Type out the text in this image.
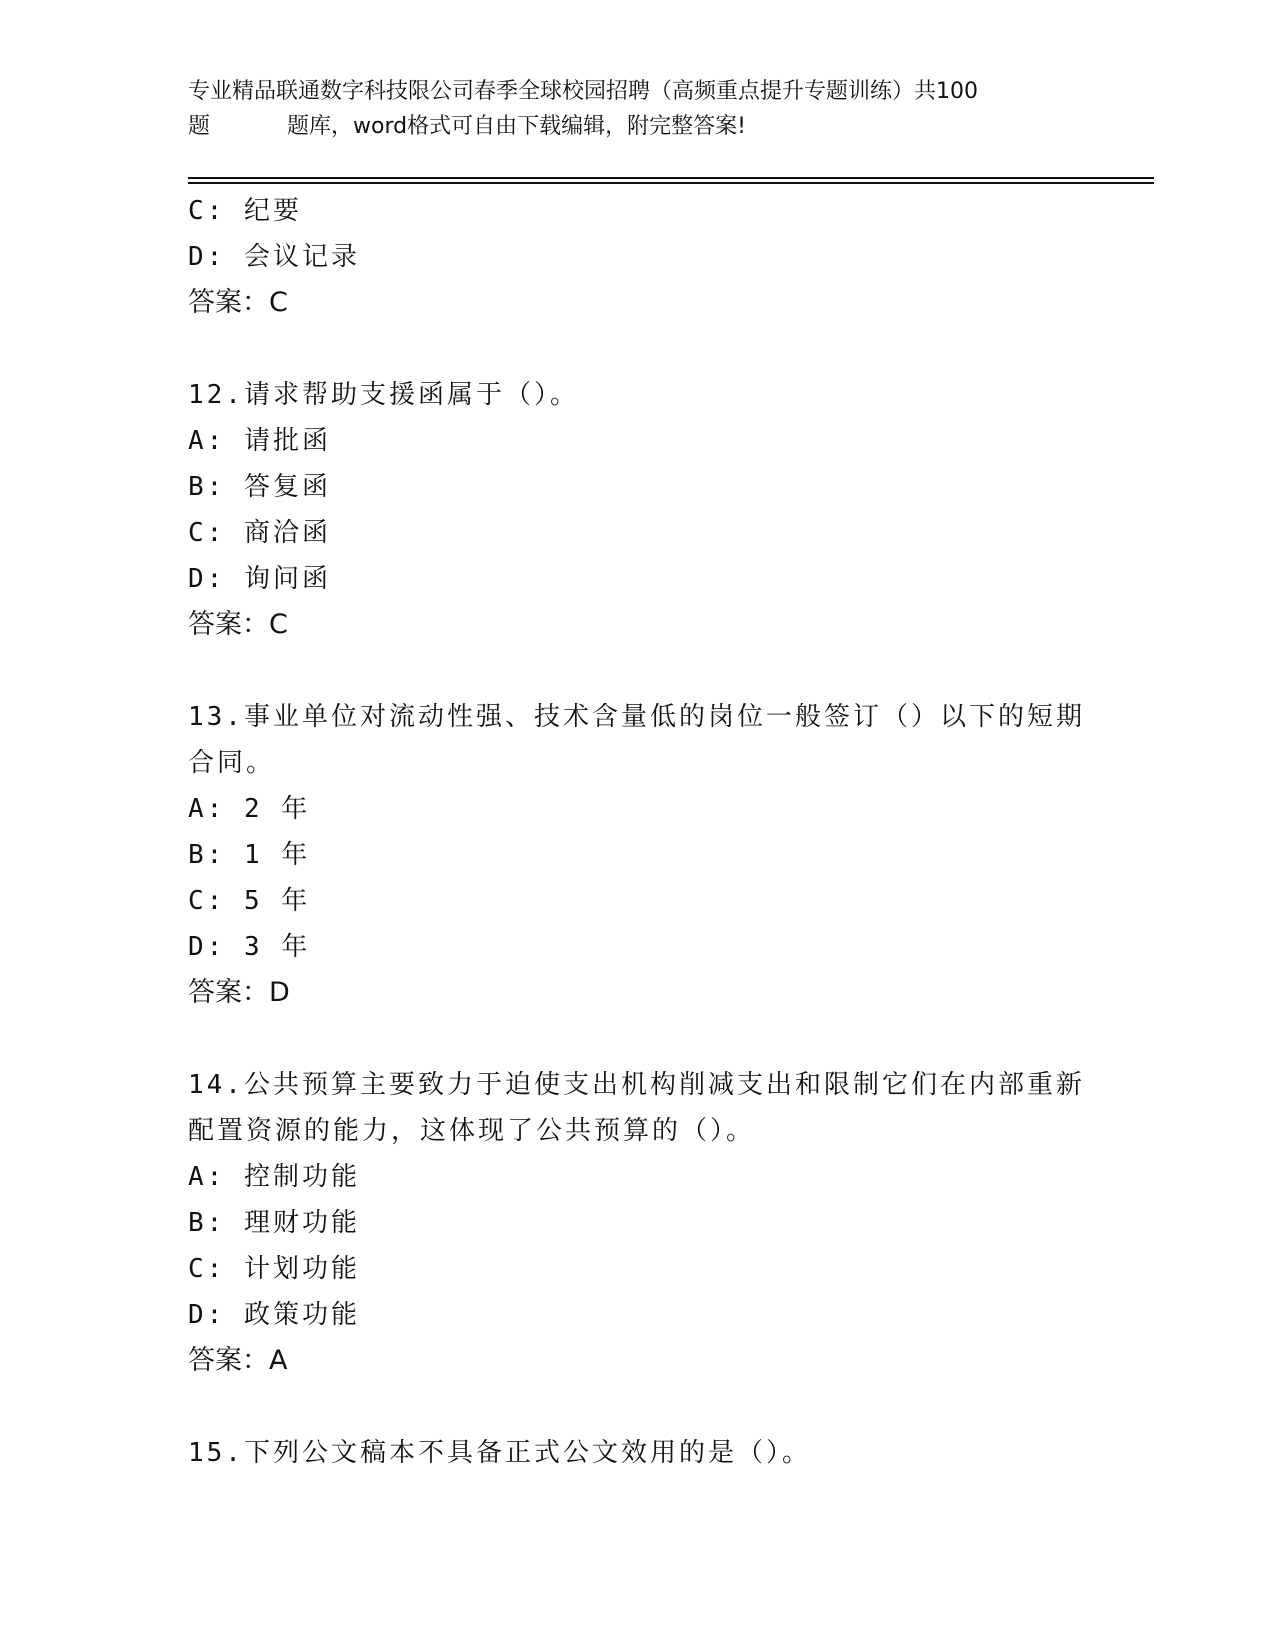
专业精品联通数字科技限公司春季全球校园招聘（高频重点提升专题训练）共100
题	题库，word格式可自由下载编辑，附完整答案!
C: 纪要
D: 会议记录
答案：C
12.请求帮助支援函属于（）。
A: 请批函
B: 答复函
C: 商洽函
D: 询问函
答案：C
13.事业单位对流动性强、技术含量低的岗位一般签订（）以下的短期
合同。
A: 2 年
B: 1 年
C: 5 年
D: 3 年
答案：D
14.公共预算主要致力于迫使支出机构削减支出和限制它们在内部重新
配置资源的能力，这体现了公共预算的（）。
A: 控制功能
B: 理财功能
C: 计划功能
D: 政策功能
答案：A
15.下列公文稿本不具备正式公文效用的是（）。
